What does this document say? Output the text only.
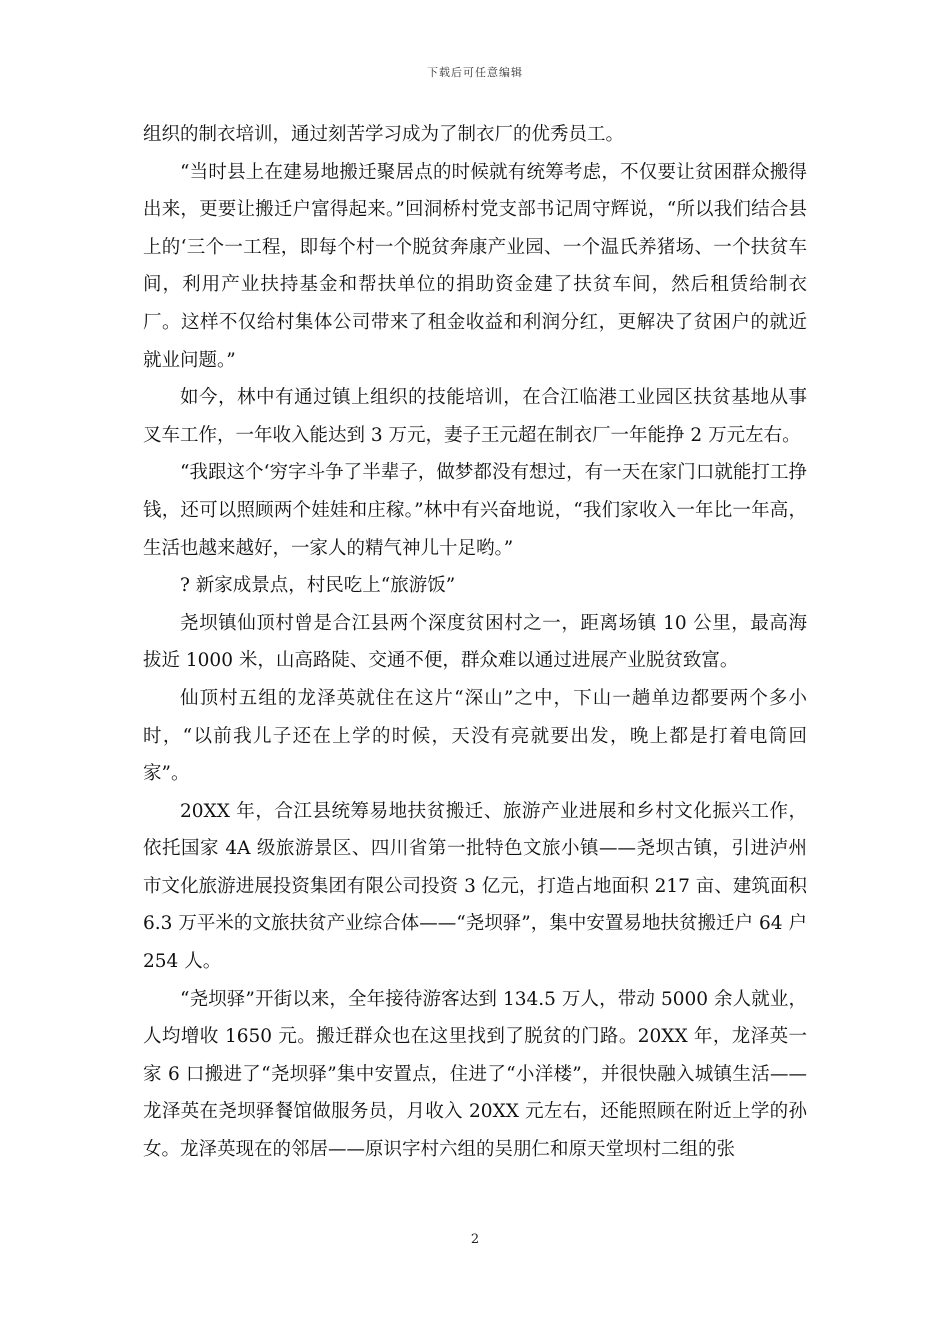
下载后可任意编辑

组织的制衣培训，通过刻苦学习成为了制衣厂的优秀员工。

“当时县上在建易地搬迁聚居点的时候就有统筹考虑，不仅要让贫困群众搬得出来，更要让搬迁户富得起来。”回洞桥村党支部书记周守辉说，“所以我们结合县上的‘三个一工程，即每个村一个脱贫奔康产业园、一个温氏养猪场、一个扶贫车间，利用产业扶持基金和帮扶单位的捐助资金建了扶贫车间，然后租赁给制衣厂。这样不仅给村集体公司带来了租金收益和利润分红，更解决了贫困户的就近就业问题。”

如今，林中有通过镇上组织的技能培训，在合江临港工业园区扶贫基地从事叉车工作，一年收入能达到 3 万元，妻子王元超在制衣厂一年能挣 2 万元左右。

“我跟这个‘穷字斗争了半辈子，做梦都没有想过，有一天在家门口就能打工挣钱，还可以照顾两个娃娃和庄稼。”林中有兴奋地说，“我们家收入一年比一年高，生活也越来越好，一家人的精气神儿十足哟。”

? 新家成景点，村民吃上“旅游饭”

尧坝镇仙顶村曾是合江县两个深度贫困村之一，距离场镇 10 公里，最高海拔近 1000 米，山高路陡、交通不便，群众难以通过进展产业脱贫致富。

仙顶村五组的龙泽英就住在这片“深山”之中，下山一趟单边都要两个多小时，“以前我儿子还在上学的时候，天没有亮就要出发，晚上都是打着电筒回家”。

20XX 年，合江县统筹易地扶贫搬迁、旅游产业进展和乡村文化振兴工作，依托国家 4A 级旅游景区、四川省第一批特色文旅小镇——尧坝古镇，引进泸州市文化旅游进展投资集团有限公司投资 3 亿元，打造占地面积 217 亩、建筑面积 6.3 万平米的文旅扶贫产业综合体——“尧坝驿”，集中安置易地扶贫搬迁户 64 户 254 人。

“尧坝驿”开街以来，全年接待游客达到 134.5 万人，带动 5000 余人就业，人均增收 1650 元。搬迁群众也在这里找到了脱贫的门路。20XX 年，龙泽英一家 6 口搬进了“尧坝驿”集中安置点，住进了“小洋楼”，并很快融入城镇生活——龙泽英在尧坝驿餐馆做服务员，月收入 20XX 元左右，还能照顾在附近上学的孙女。龙泽英现在的邻居——原识字村六组的吴朋仁和原天堂坝村二组的张

2
